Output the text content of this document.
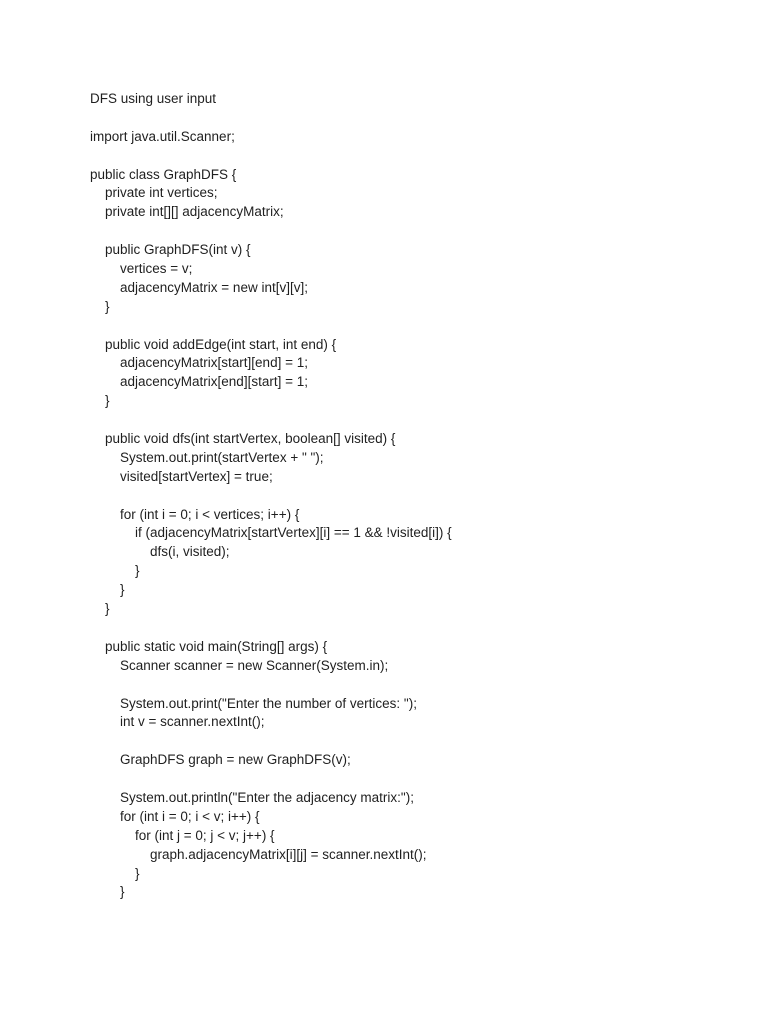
DFS using user input
import java.util.Scanner;
public class GraphDFS {
private int vertices;
private int[][] adjacencyMatrix;
public GraphDFS(int v) {
vertices = v;
adjacencyMatrix = new int[v][v];
}
public void addEdge(int start, int end) {
adjacencyMatrix[start][end] = 1;
adjacencyMatrix[end][start] = 1;
}
public void dfs(int startVertex, boolean[] visited) {
System.out.print(startVertex + " ");
visited[startVertex] = true;
for (int i = 0; i < vertices; i++) {
if (adjacencyMatrix[startVertex][i] == 1 && !visited[i]) {
dfs(i, visited);
}
}
}
public static void main(String[] args) {
Scanner scanner = new Scanner(System.in);
System.out.print("Enter the number of vertices: ");
int v = scanner.nextInt();
GraphDFS graph = new GraphDFS(v);
System.out.println("Enter the adjacency matrix:");
for (int i = 0; i < v; i++) {
for (int j = 0; j < v; j++) {
graph.adjacencyMatrix[i][j] = scanner.nextInt();
}
}
